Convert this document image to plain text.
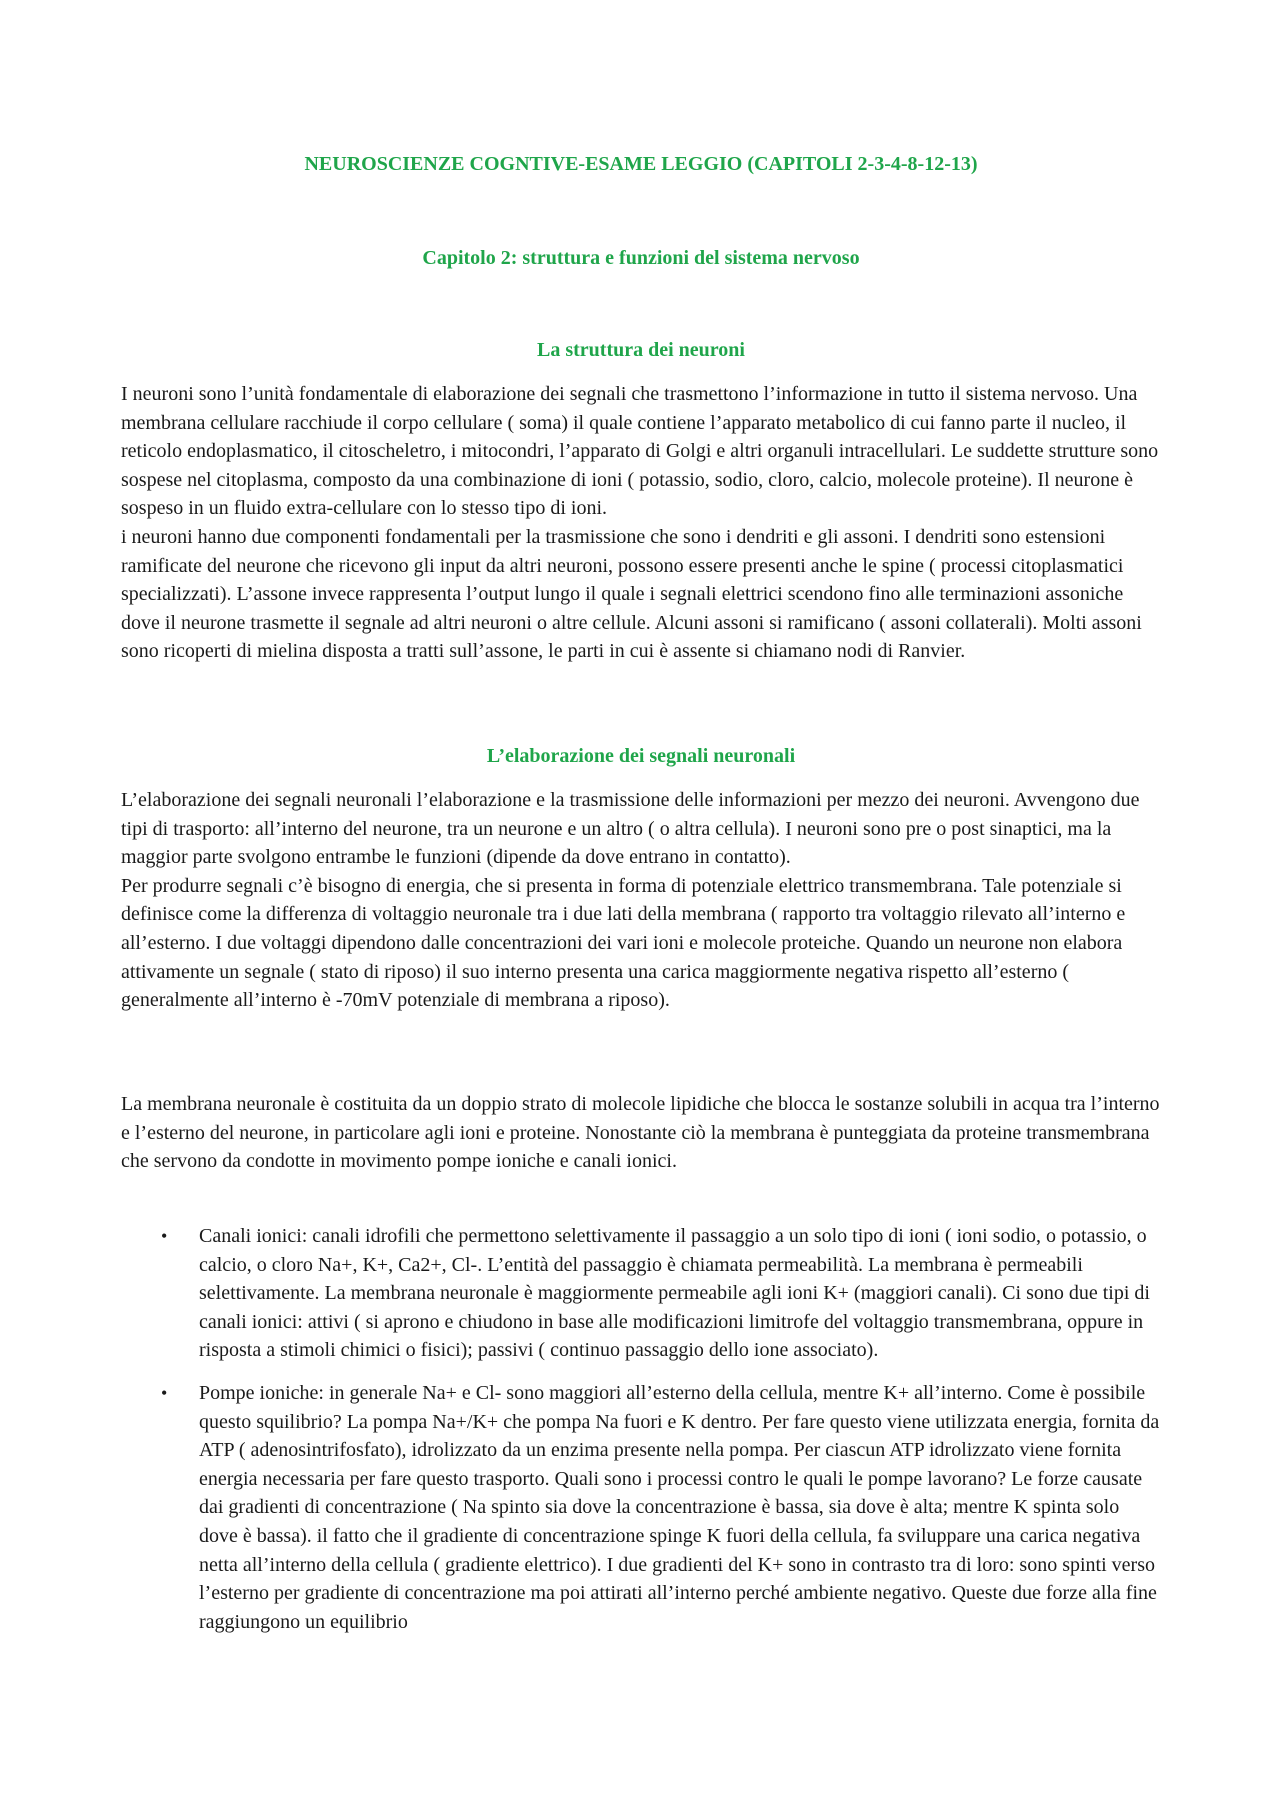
NEUROSCIENZE COGNTIVE-ESAME LEGGIO (CAPITOLI 2-3-4-8-12-13)
Capitolo 2: struttura e funzioni del sistema nervoso
La struttura dei neuroni

I neuroni sono l’unità fondamentale di elaborazione dei segnali che trasmettono l’informazione in tutto il sistema nervoso. Una membrana cellulare racchiude il corpo cellulare ( soma) il quale contiene l’apparato metabolico di cui fanno parte il nucleo, il reticolo endoplasmatico, il citoscheletro, i mitocondri, l’apparato di Golgi e altri organuli intracellulari. Le suddette strutture sono sospese nel citoplasma, composto da una combinazione di ioni ( potassio, sodio, cloro, calcio, molecole proteine). Il neurone è sospeso in un fluido extra-cellulare con lo stesso tipo di ioni.

i neuroni hanno due componenti fondamentali per la trasmissione che sono i dendriti e gli assoni. I dendriti sono estensioni ramificate del neurone che ricevono gli input da altri neuroni, possono essere presenti anche le spine ( processi citoplasmatici specializzati). L’assone invece rappresenta l’output lungo il quale i segnali elettrici scendono fino alle terminazioni assoniche dove il neurone trasmette il segnale ad altri neuroni o altre cellule. Alcuni assoni si ramificano ( assoni collaterali). Molti assoni sono ricoperti di mielina disposta a tratti sull’assone, le parti in cui è assente si chiamano nodi di Ranvier.

L’elaborazione dei segnali neuronali

L’elaborazione dei segnali neuronali l’elaborazione e la trasmissione delle informazioni per mezzo dei neuroni. Avvengono due tipi di trasporto: all’interno del neurone, tra un neurone e un altro ( o altra cellula). I neuroni sono pre o post sinaptici, ma la maggior parte svolgono entrambe le funzioni (dipende da dove entrano in contatto).

Per produrre segnali c’è bisogno di energia, che si presenta in forma di potenziale elettrico transmembrana. Tale potenziale si definisce come la differenza di voltaggio neuronale tra i due lati della membrana ( rapporto tra voltaggio rilevato all’interno e all’esterno. I due voltaggi dipendono dalle concentrazioni dei vari ioni e molecole proteiche. Quando un neurone non elabora attivamente un segnale ( stato di riposo) il suo interno presenta una carica maggiormente negativa rispetto all’esterno ( generalmente all’interno è -70mV potenziale di membrana a riposo).

La membrana neuronale è costituita da un doppio strato di molecole lipidiche che blocca le sostanze solubili in acqua tra l’interno e l’esterno del neurone, in particolare agli ioni e proteine. Nonostante ciò la membrana è punteggiata da proteine transmembrana che servono da condotte in movimento pompe ioniche e canali ionici.

• Canali ionici: canali idrofili che permettono selettivamente il passaggio a un solo tipo di ioni ( ioni sodio, o potassio, o calcio, o cloro Na+, K+, Ca2+, Cl-. L’entità del passaggio è chiamata permeabilità. La membrana è permeabili selettivamente. La membrana neuronale è maggiormente permeabile agli ioni K+ (maggiori canali). Ci sono due tipi di canali ionici: attivi ( si aprono e chiudono in base alle modificazioni limitrofe del voltaggio transmembrana, oppure in risposta a stimoli chimici o fisici); passivi ( continuo passaggio dello ione associato).
• Pompe ioniche: in generale Na+ e Cl- sono maggiori all’esterno della cellula, mentre K+ all’interno. Come è possibile questo squilibrio? La pompa Na+/K+ che pompa Na fuori e K dentro. Per fare questo viene utilizzata energia, fornita da ATP ( adenosintrifosfato), idrolizzato da un enzima presente nella pompa. Per ciascun ATP idrolizzato viene fornita energia necessaria per fare questo trasporto. Quali sono i processi contro le quali le pompe lavorano? Le forze causate dai gradienti di concentrazione ( Na spinto sia dove la concentrazione è bassa, sia dove è alta; mentre K spinta solo dove è bassa). il fatto che il gradiente di concentrazione spinge K fuori della cellula, fa sviluppare una carica negativa netta all’interno della cellula ( gradiente elettrico). I due gradienti del K+ sono in contrasto tra di loro: sono spinti verso l’esterno per gradiente di concentrazione ma poi attirati all’interno perché ambiente negativo. Queste due forze alla fine raggiungono un equilibrio
